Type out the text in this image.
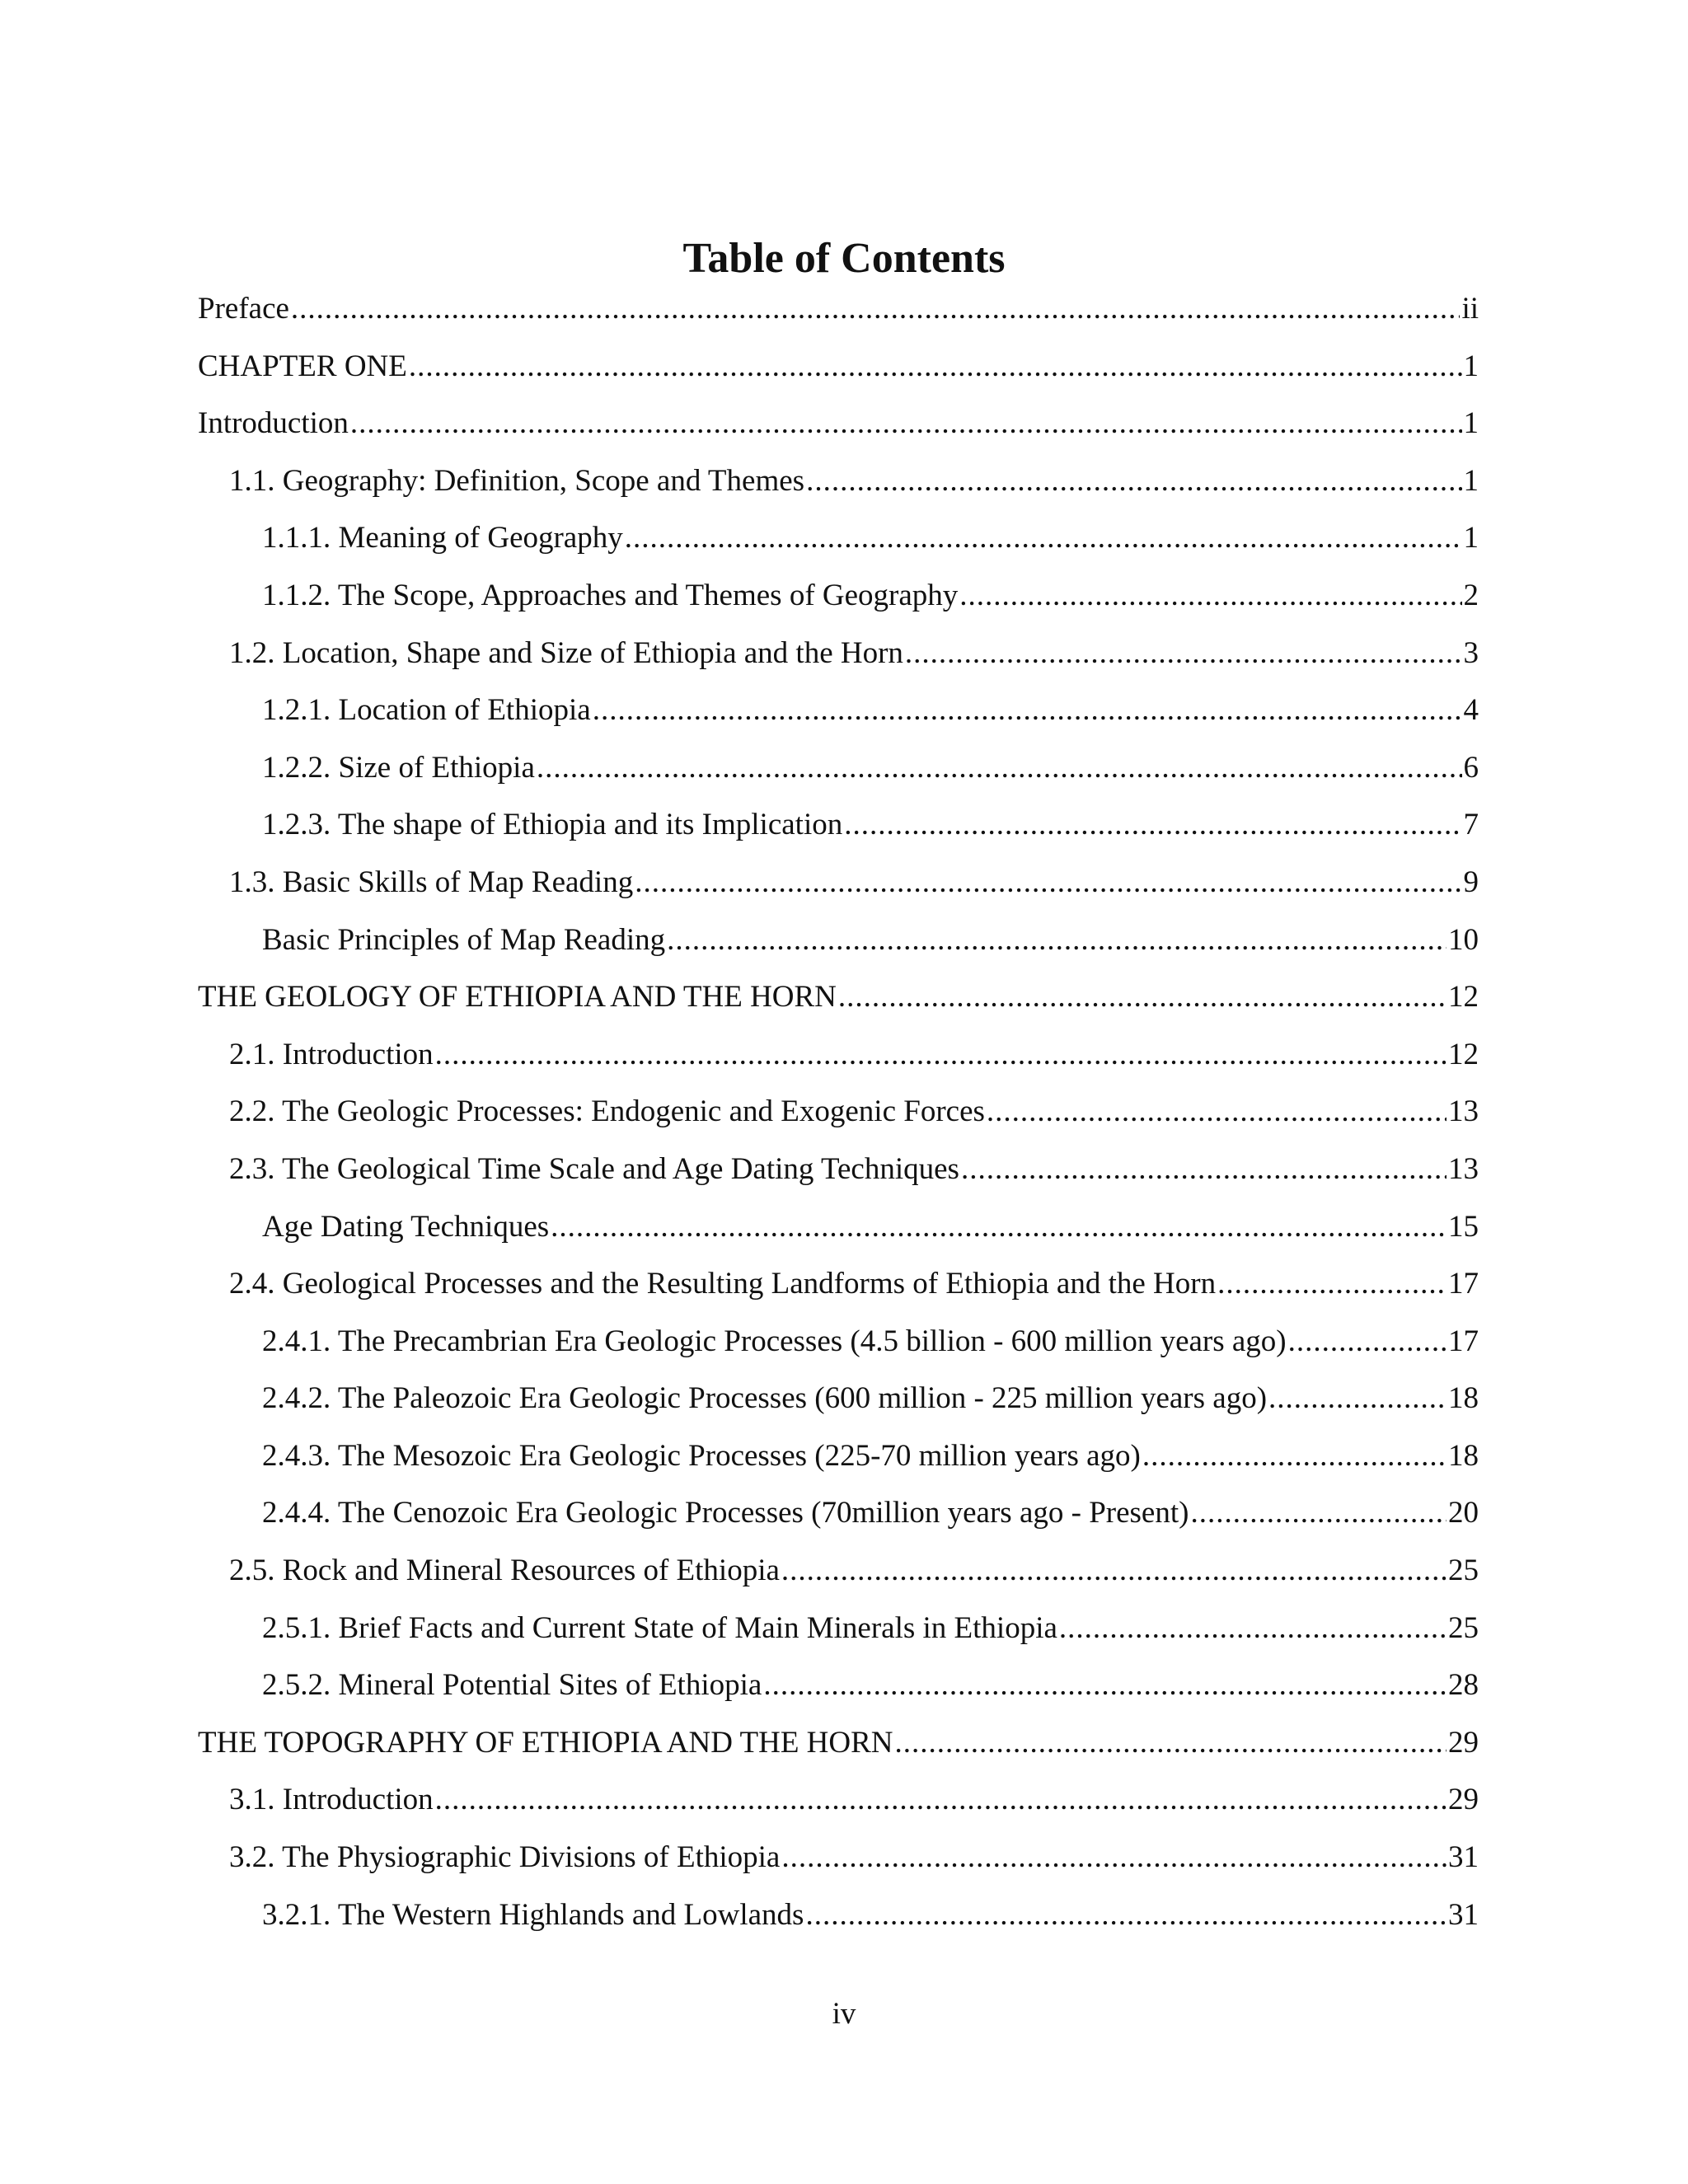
Table of Contents
Preface .....	ii
CHAPTER ONE .....	1
Introduction .....	1
1.1. Geography: Definition, Scope and Themes .....	1
1.1.1. Meaning of Geography .....	1
1.1.2. The Scope, Approaches and Themes of Geography .....	2
1.2. Location, Shape and Size of Ethiopia and the Horn .....	3
1.2.1. Location of Ethiopia .....	4
1.2.2. Size of Ethiopia .....	6
1.2.3. The shape of Ethiopia and its Implication .....	7
1.3. Basic Skills of Map Reading .....	9
Basic Principles of Map Reading .....	10
THE GEOLOGY OF ETHIOPIA AND THE HORN .....	12
2.1. Introduction .....	12
2.2. The Geologic Processes: Endogenic and Exogenic Forces .....	13
2.3. The Geological Time Scale and Age Dating Techniques .....	13
Age Dating Techniques .....	15
2.4. Geological Processes and the Resulting Landforms of Ethiopia and the Horn .....	17
2.4.1. The Precambrian Era Geologic Processes (4.5 billion - 600 million years ago) .....	17
2.4.2. The Paleozoic Era Geologic Processes (600 million - 225 million years ago) .....	18
2.4.3. The Mesozoic Era Geologic Processes (225-70 million years ago) .....	18
2.4.4. The Cenozoic Era Geologic Processes (70million years ago - Present) .....	20
2.5. Rock and Mineral Resources of Ethiopia .....	25
2.5.1. Brief Facts and Current State of Main Minerals in Ethiopia .....	25
2.5.2. Mineral Potential Sites of Ethiopia .....	28
THE TOPOGRAPHY OF ETHIOPIA AND THE HORN .....	29
3.1. Introduction .....	29
3.2. The Physiographic Divisions of Ethiopia .....	31
3.2.1. The Western Highlands and Lowlands .....	31
iv
